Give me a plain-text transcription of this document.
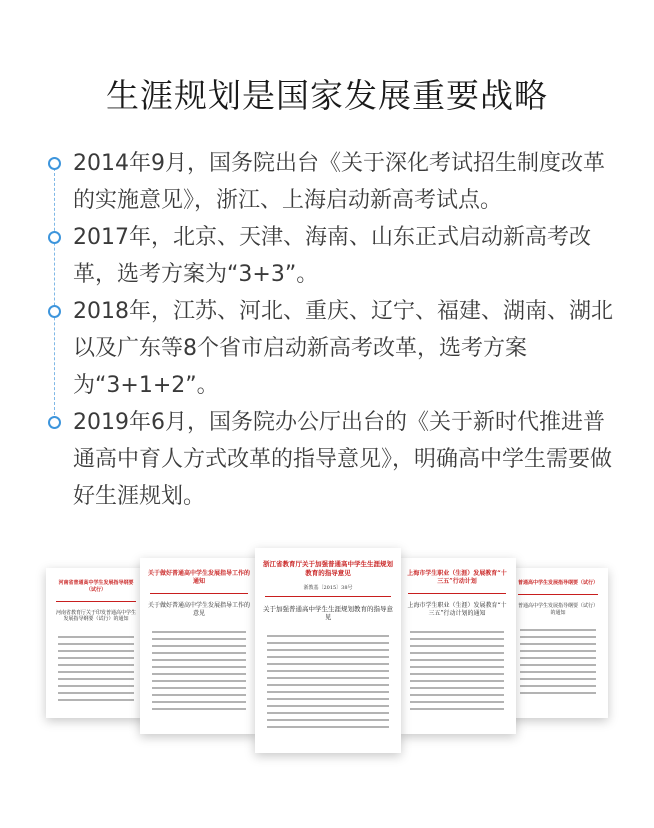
生涯规划是国家发展重要战略
2014年9月，国务院出台《关于深化考试招生制度改革的实施意见》，浙江、上海启动新高考试点。
2017年，北京、天津、海南、山东正式启动新高考改革，选考方案为“3+3”。
2018年，江苏、河北、重庆、辽宁、福建、湖南、湖北以及广东等8个省市启动新高考改革，选考方案为“3+1+2”。
2019年6月，国务院办公厅出台的《关于新时代推进普通高中育人方式改革的指导意见》，明确高中学生需要做好生涯规划。
河南省普通高中学生发展指导纲要（试行）
河南省教育厅关于印发普通高中学生发展指导纲要（试行）的通知
普通高中学生发展指导纲要（试行）
普通高中学生发展指导纲要（试行）的通知
关于做好普通高中学生发展指导工作的通知
关于做好普通高中学生发展指导工作的意见
上海市学生职业（生涯）发展教育“十三五”行动计划
上海市学生职业（生涯）发展教育“十三五”行动计划的通知
浙江省教育厅关于加强普通高中学生生涯规划教育的指导意见
浙教基〔2015〕38号
关于加强普通高中学生生涯规划教育的指导意见
